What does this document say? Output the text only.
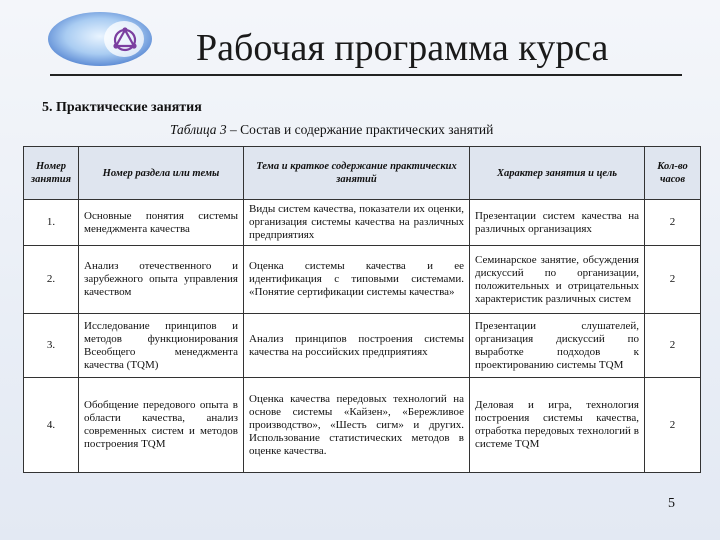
Рабочая программа курса
5. Практические занятия
Таблица 3 – Состав и содержание практических занятий
Номер занятия	Номер раздела или темы	Тема и краткое содержание практических занятий	Характер занятия и цель	Кол-во часов
1.	Основные понятия системы менеджмента качества	Виды систем качества, показатели их оценки, организация системы качества на различных предприятиях	Презентации систем качества на различных организациях	2
2.	Анализ отечественного и зарубежного опыта управления качеством	Оценка системы качества и ее идентификация с типовыми системами. «Понятие сертификации системы качества»	Семинарское занятие, обсуждения дискуссий по организации, положительных и отрицательных характеристик различных систем	2
3.	Исследование принципов и методов функционирования Всеобщего менеджмента качества (TQM)	Анализ принципов построения системы качества на российских предприятиях	Презентации слушателей, организация дискуссий по выработке подходов к проектированию системы TQM	2
4.	Обобщение передового опыта в области качества, анализ современных систем и методов построения TQM	Оценка качества передовых технологий на основе системы «Кайзен», «Бережливое производство», «Шесть сигм» и других. Использование статистических методов в оценке качества.	Деловая и игра, технология построения системы качества, отработка передовых технологий в системе TQM	2
5
